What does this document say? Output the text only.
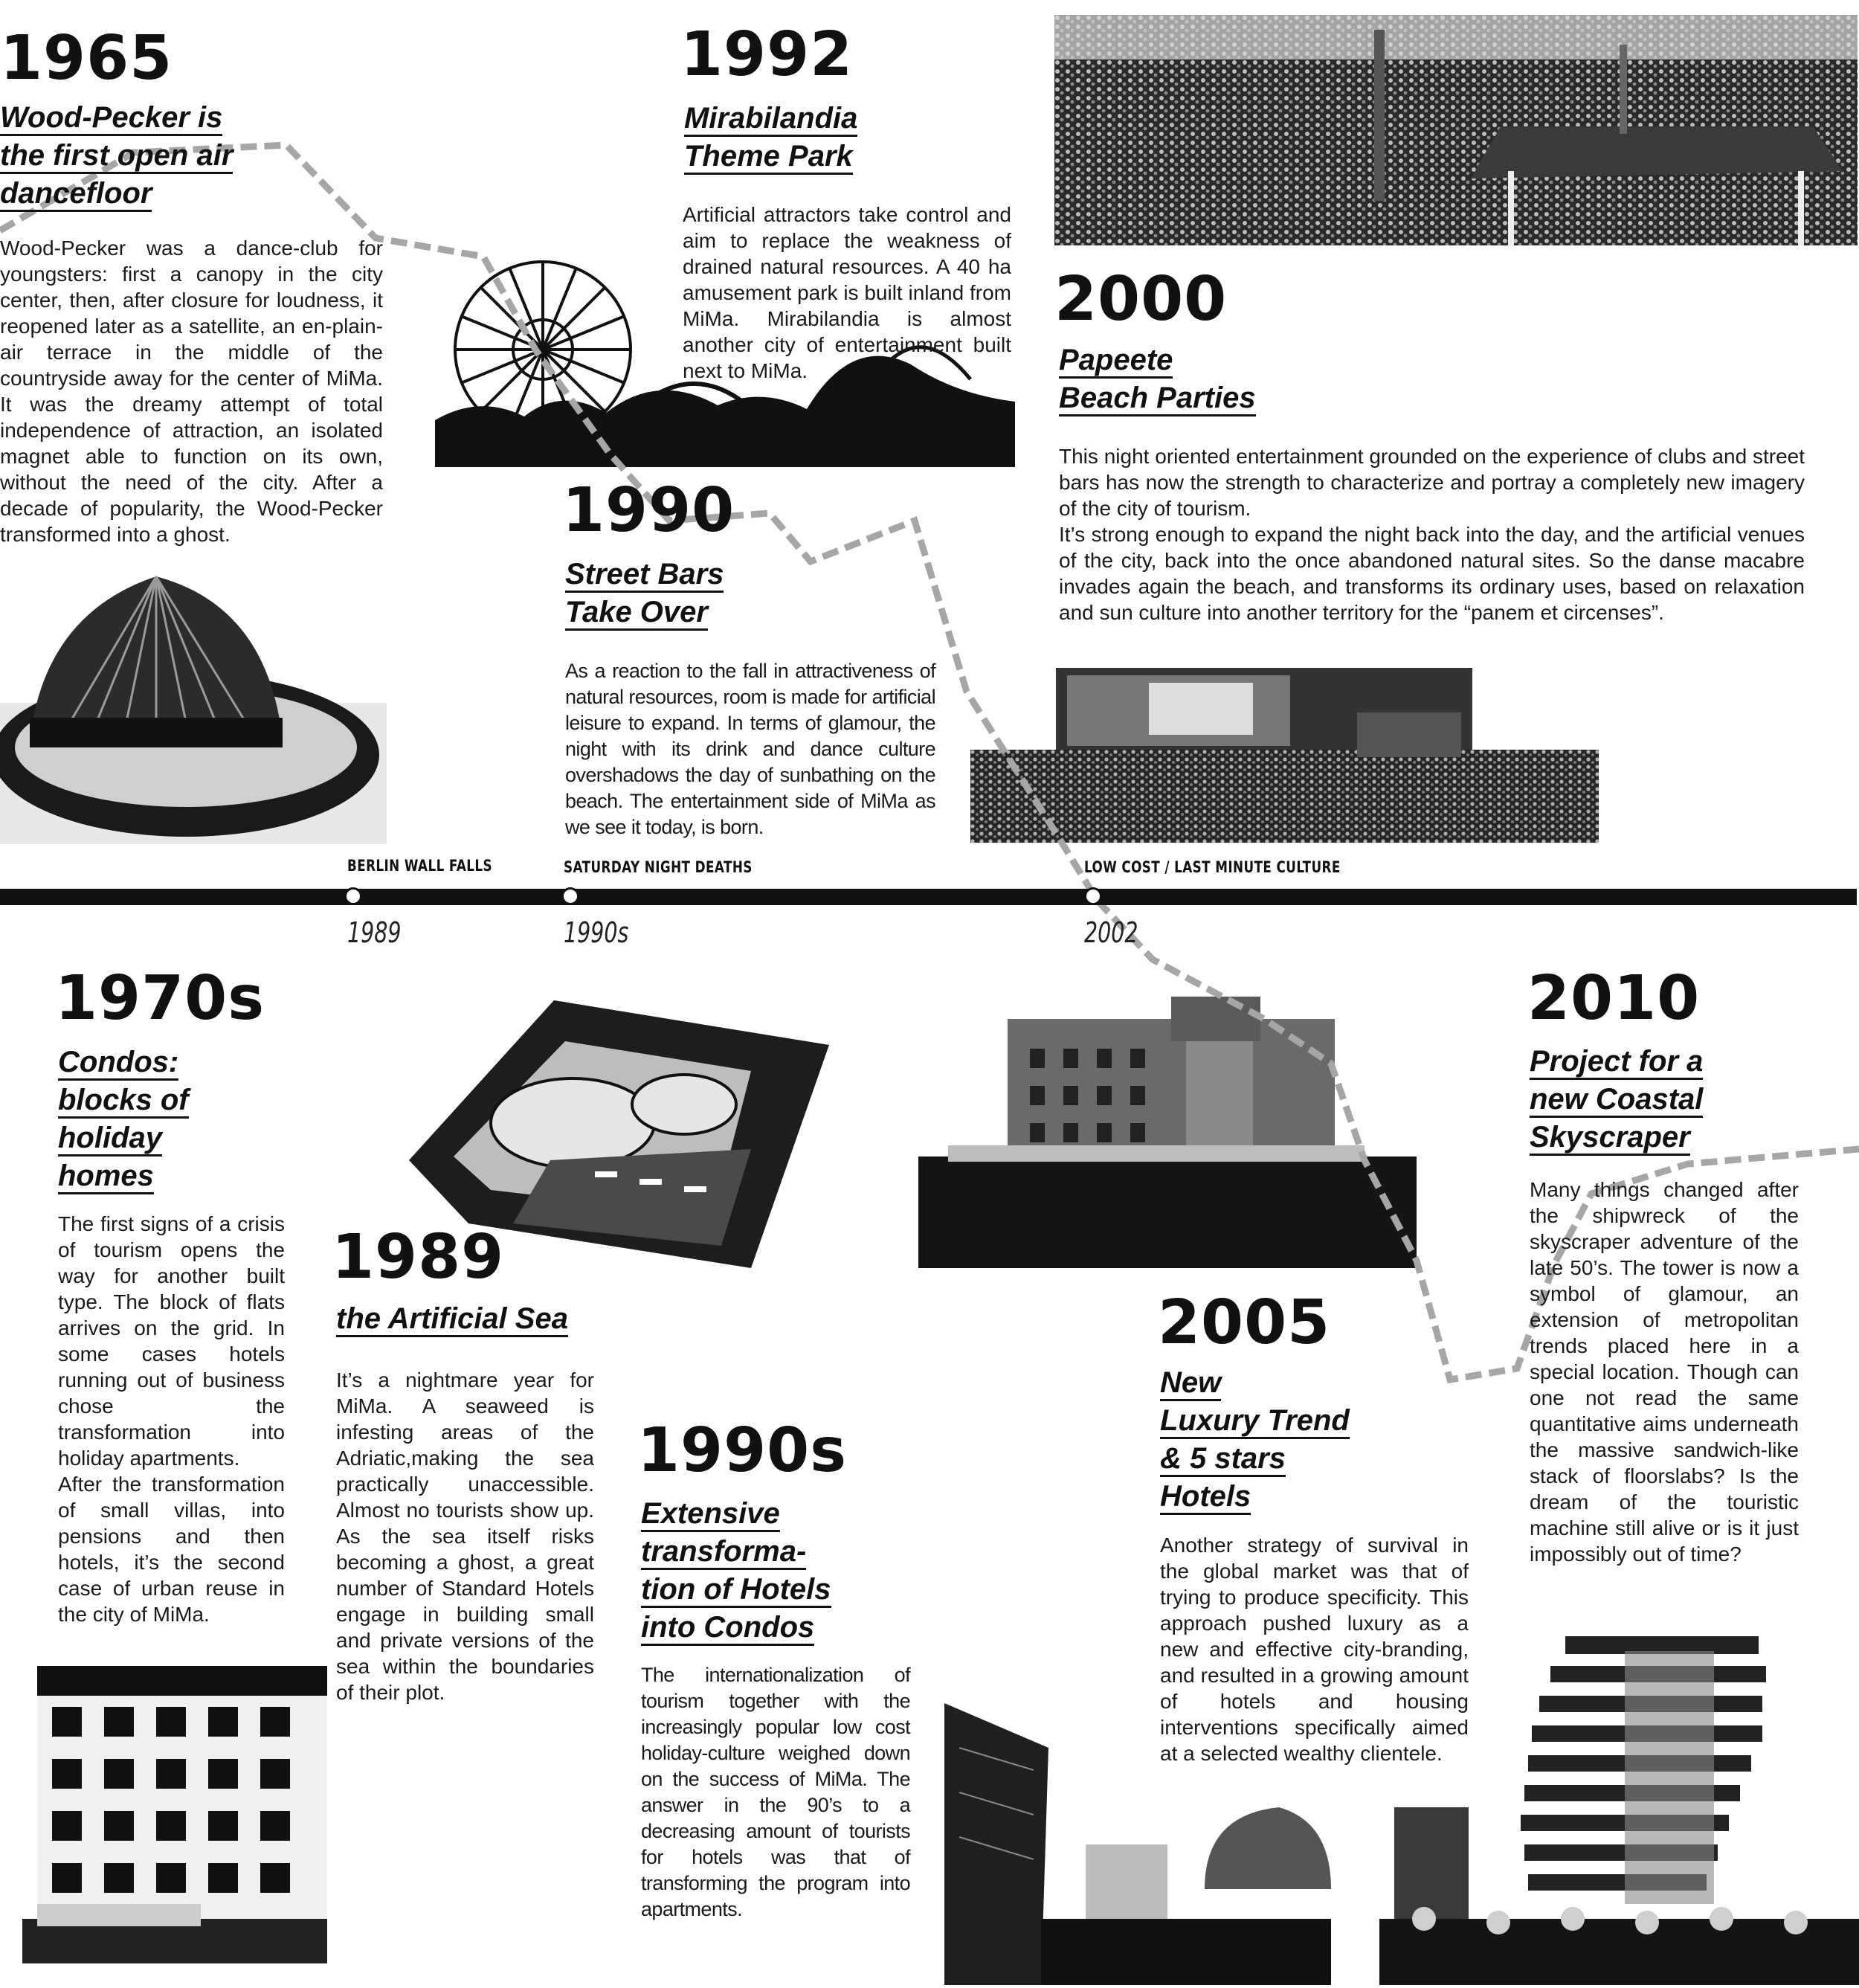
BERLIN WALL FALLS	SATURDAY NIGHT DEATHS	LOW COST / LAST MINUTE CULTURE
1989	1990s	2002
1965
Wood-Pecker is
the first open air
dancefloor
Wood-Pecker was a dance-club for youngsters: first a canopy in the city center, then, after closure for loudness, it reopened later as a satellite, an en-plain-air terrace in the middle of the countryside away for the center of MiMa. It was the dreamy attempt of total independence of attraction, an isolated magnet able to function on its own, without the need of the city. After a decade of popularity, the Wood-Pecker transformed into a ghost.
1992
Mirabilandia
Theme Park
Artificial attractors take control and aim to replace the weakness of drained natural resources. A 40 ha amusement park is built inland from MiMa. Mirabilandia is almost another city of entertainment built next to MiMa.
1990
Street Bars
Take Over
As a reaction to the fall in attractiveness of natural resources, room is made for artificial leisure to expand. In terms of glamour, the night with its drink and dance culture overshadows the day of sunbathing on the beach. The entertainment side of MiMa as we see it today, is born.
2000
Papeete
Beach Parties
This night oriented entertainment grounded on the experience of clubs and street bars has now the strength to characterize and portray a completely new imagery of the city of tourism.
It’s strong enough to expand the night back into the day, and the artificial venues of the city, back into the once abandoned natural sites. So the danse macabre invades again the beach, and transforms its ordinary uses, based on relaxation and sun culture into another territory for the “panem et circenses”.
1970s
Condos:
blocks of
holiday
homes
The first signs of a crisis of tourism opens the way for another built type. The block of flats arrives on the grid. In some cases hotels running out of business chose the transformation into holiday apartments.
After the transformation of small villas, into pensions and then hotels, it’s the second case of urban reuse in the city of MiMa.
1989
the Artificial Sea
It’s a nightmare year for MiMa. A seaweed is infesting areas of the Adriatic,making the sea practically unaccessible. Almost no tourists show up. As the sea itself risks becoming a ghost, a great number of Standard Hotels engage in building small and private versions of the sea within the boundaries of their plot.
1990s
Extensive
transforma-
tion of Hotels
into Condos
The internationalization of tourism together with the increasingly popular low cost holiday-culture weighed down on the success of MiMa. The answer in the 90’s to a decreasing amount of tourists for hotels was that of transforming the program into apartments.
2005
New
Luxury Trend
& 5 stars
Hotels
Another strategy of survival in the global market was that of trying to produce specificity. This approach pushed luxury as a new and effective city-branding, and resulted in a growing amount of hotels and housing interventions specifically aimed at a selected wealthy clientele.
2010
Project for a
new Coastal
Skyscraper
Many things changed after the shipwreck of the skyscraper adventure of the late 50’s. The tower is now a symbol of glamour, an extension of metropolitan trends placed here in a special location. Though can one not read the same quantitative aims underneath the massive sandwich-like stack of floorslabs? Is the dream of the touristic machine still alive or is it just impossibly out of time?
